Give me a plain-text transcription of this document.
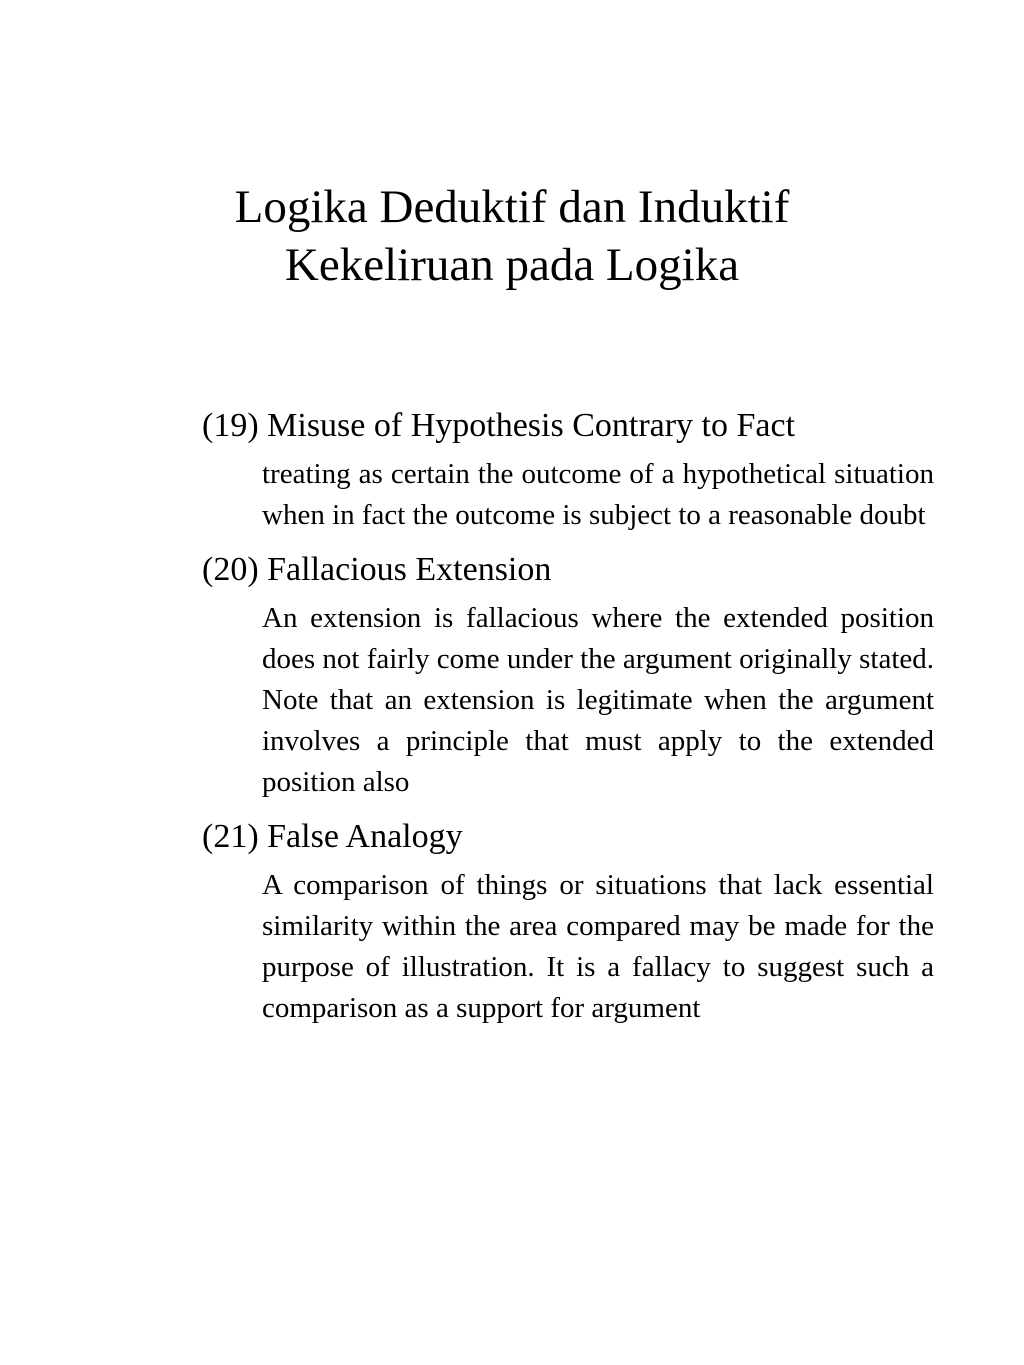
Logika Deduktif dan Induktif
Kekeliruan pada Logika

(19) Misuse of Hypothesis Contrary to Fact

treating as certain the outcome of a hypothetical situation when in fact the outcome is subject to a reasonable doubt

(20) Fallacious Extension

An extension is fallacious where the extended position does not fairly come under the argument originally stated. Note that an extension is legitimate when the argument involves a principle that must apply to the extended position also

(21) False Analogy

A comparison of things or situations that lack essential similarity within the area compared may be made for the purpose of illustration. It is a fallacy to suggest such a comparison as a support for argument
